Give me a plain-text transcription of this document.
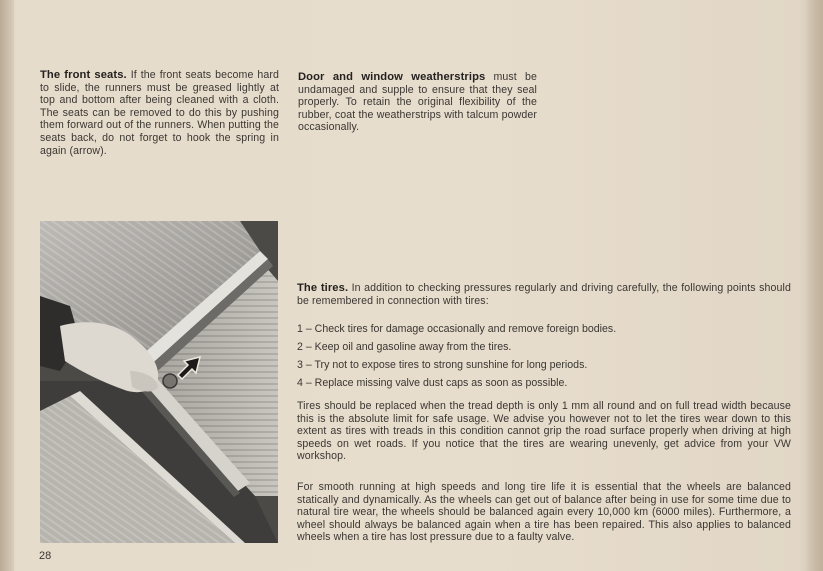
The front seats. If the front seats become hard to slide, the runners must be greased lightly at top and bottom after being cleaned with a cloth. The seats can be removed to do this by pushing them forward out of the runners. When putting the seats back, do not forget to hook the spring in again (arrow).

Door and window weatherstrips must be undamaged and supple to ensure that they seal properly. To retain the original flexibility of the rubber, coat the weatherstrips with talcum powder occasionally.

The tires. In addition to checking pressures regularly and driving carefully, the following points should be remembered in connection with tires:

1 – Check tires for damage occasionally and remove foreign bodies.
2 – Keep oil and gasoline away from the tires.
3 – Try not to expose tires to strong sunshine for long periods.
4 – Replace missing valve dust caps as soon as possible.

Tires should be replaced when the tread depth is only 1 mm all round and on full tread width because this is the absolute limit for safe usage. We advise you however not to let the tires wear down to this extent as tires with treads in this condition cannot grip the road surface properly when driving at high speeds on wet roads. If you notice that the tires are wearing unevenly, get advice from your VW workshop.

For smooth running at high speeds and long tire life it is essential that the wheels are balanced statically and dynamically. As the wheels can get out of balance after being in use for some time due to natural tire wear, the wheels should be balanced again every 10,000 km (6000 miles). Furthermore, a wheel should always be balanced again when a tire has been repaired. This also applies to balanced wheels when a tire has lost pressure due to a faulty valve.

28
